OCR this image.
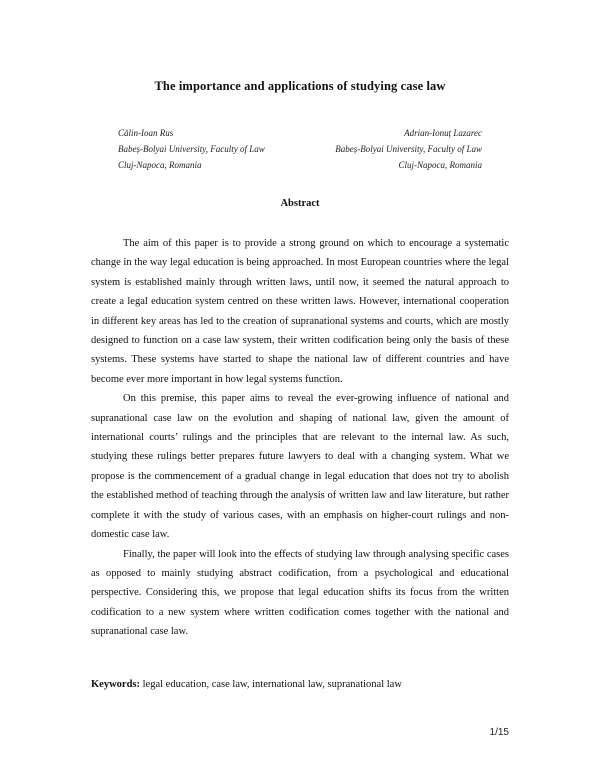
The importance and applications of studying case law
Călin-Ioan Rus
Babeș-Bolyai University, Faculty of Law
Cluj-Napoca, Romania
Adrian-Ionuț Lazarec
Babeș-Bolyai University, Faculty of Law
Cluj-Napoca, Romania
Abstract

The aim of this paper is to provide a strong ground on which to encourage a systematic change in the way legal education is being approached. In most European countries where the legal system is established mainly through written laws, until now, it seemed the natural approach to create a legal education system centred on these written laws. However, international cooperation in different key areas has led to the creation of supranational systems and courts, which are mostly designed to function on a case law system, their written codification being only the basis of these systems. These systems have started to shape the national law of different countries and have become ever more important in how legal systems function.

On this premise, this paper aims to reveal the ever-growing influence of national and supranational case law on the evolution and shaping of national law, given the amount of international courts’ rulings and the principles that are relevant to the internal law. As such, studying these rulings better prepares future lawyers to deal with a changing system. What we propose is the commencement of a gradual change in legal education that does not try to abolish the established method of teaching through the analysis of written law and law literature, but rather complete it with the study of various cases, with an emphasis on higher-court rulings and non-domestic case law.

Finally, the paper will look into the effects of studying law through analysing specific cases as opposed to mainly studying abstract codification, from a psychological and educational perspective. Considering this, we propose that legal education shifts its focus from the written codification to a new system where written codification comes together with the national and supranational case law.

Keywords: legal education, case law, international law, supranational law
1/15
